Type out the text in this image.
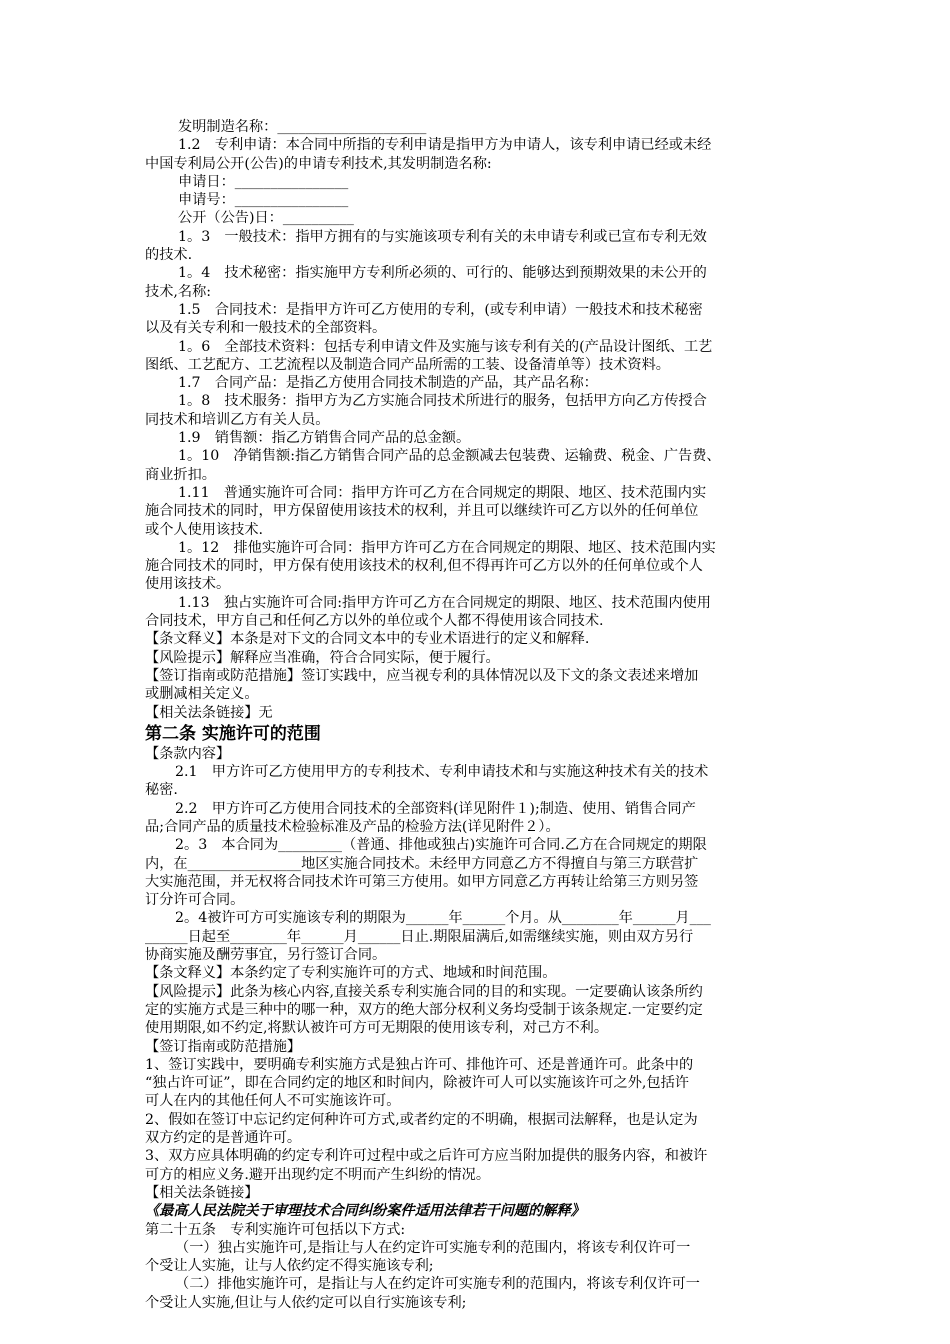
发明制造名称：_____________________
1.2　专利申请：本合同中所指的专利申请是指甲方为申请人，该专利申请已经或未经
中国专利局公开(公告)的申请专利技术,其发明制造名称:
申请日：________________
申请号：________________
公开（公告)日：__________
1。3　一般技术：指甲方拥有的与实施该项专利有关的未申请专利或已宣布专利无效
的技术.
1。4　技术秘密：指实施甲方专利所必须的、可行的、能够达到预期效果的未公开的
技术,名称:
1.5　合同技术：是指甲方许可乙方使用的专利，(或专利申请）一般技术和技术秘密
以及有关专利和一般技术的全部资料。
1。6　全部技术资料：包括专利申请文件及实施与该专利有关的(产品设计图纸、工艺
图纸、工艺配方、工艺流程以及制造合同产品所需的工装、设备清单等）技术资料。
1.7　合同产品：是指乙方使用合同技术制造的产品，其产品名称：
1。8　技术服务：指甲方为乙方实施合同技术所进行的服务，包括甲方向乙方传授合
同技术和培训乙方有关人员。
1.9　销售额：指乙方销售合同产品的总金额。
1。10　净销售额:指乙方销售合同产品的总金额减去包装费、运输费、税金、广告费、
商业折扣。
1.11　普通实施许可合同：指甲方许可乙方在合同规定的期限、地区、技术范围内实
施合同技术的同时，甲方保留使用该技术的权利，并且可以继续许可乙方以外的任何单位
或个人使用该技术.
1。12　排他实施许可合同：指甲方许可乙方在合同规定的期限、地区、技术范围内实
施合同技术的同时，甲方保有使用该技术的权利,但不得再许可乙方以外的任何单位或个人
使用该技术。
1.13　独占实施许可合同:指甲方许可乙方在合同规定的期限、地区、技术范围内使用
合同技术，甲方自己和任何乙方以外的单位或个人都不得使用该合同技术.
【条文释义】本条是对下文的合同文本中的专业术语进行的定义和解释.
【风险提示】解释应当准确，符合合同实际，便于履行。
【签订指南或防范措施】签订实践中，应当视专利的具体情况以及下文的条文表述来增加
或删减相关定义。
【相关法条链接】无
第二条 实施许可的范围
【条款内容】
2.1　甲方许可乙方使用甲方的专利技术、专利申请技术和与实施这种技术有关的技术
秘密.
2.2　甲方许可乙方使用合同技术的全部资料(详见附件１);制造、使用、销售合同产
品;合同产品的质量技术检验标准及产品的检验方法(详见附件２）。
2。3　本合同为_________（普通、排他或独占)实施许可合同.乙方在合同规定的期限
内，在________________地区实施合同技术。未经甲方同意乙方不得擅自与第三方联营扩
大实施范围，并无权将合同技术许可第三方使用。如甲方同意乙方再转让给第三方则另签
订分许可合同。
2。4被许可方可实施该专利的期限为______年______个月。从________年______月___
______日起至________年______月______日止.期限届满后,如需继续实施，则由双方另行
协商实施及酬劳事宜，另行签订合同。
【条文释义】本条约定了专利实施许可的方式、地域和时间范围。
【风险提示】此条为核心内容,直接关系专利实施合同的目的和实现。一定要确认该条所约
定的实施方式是三种中的哪一种，双方的绝大部分权利义务均受制于该条规定.一定要约定
使用期限,如不约定,将默认被许可方可无期限的使用该专利，对己方不利。
【签订指南或防范措施】
1、签订实践中，要明确专利实施方式是独占许可、排他许可、还是普通许可。此条中的
“独占许可证”，即在合同约定的地区和时间内，除被许可人可以实施该许可之外,包括许
可人在内的其他任何人不可实施该许可。
2、假如在签订中忘记约定何种许可方式,或者约定的不明确，根据司法解释，也是认定为
双方约定的是普通许可。
3、双方应具体明确的约定专利许可过程中或之后许可方应当附加提供的服务内容，和被许
可方的相应义务.避开出现约定不明而产生纠纷的情况。
【相关法条链接】
《最高人民法院关于审理技术合同纠纷案件适用法律若干问题的解释》
第二十五条　专利实施许可包括以下方式:
（一）独占实施许可,是指让与人在约定许可实施专利的范围内，将该专利仅许可一
个受让人实施，让与人依约定不得实施该专利;
（二）排他实施许可，是指让与人在约定许可实施专利的范围内，将该专利仅许可一
个受让人实施,但让与人依约定可以自行实施该专利;
